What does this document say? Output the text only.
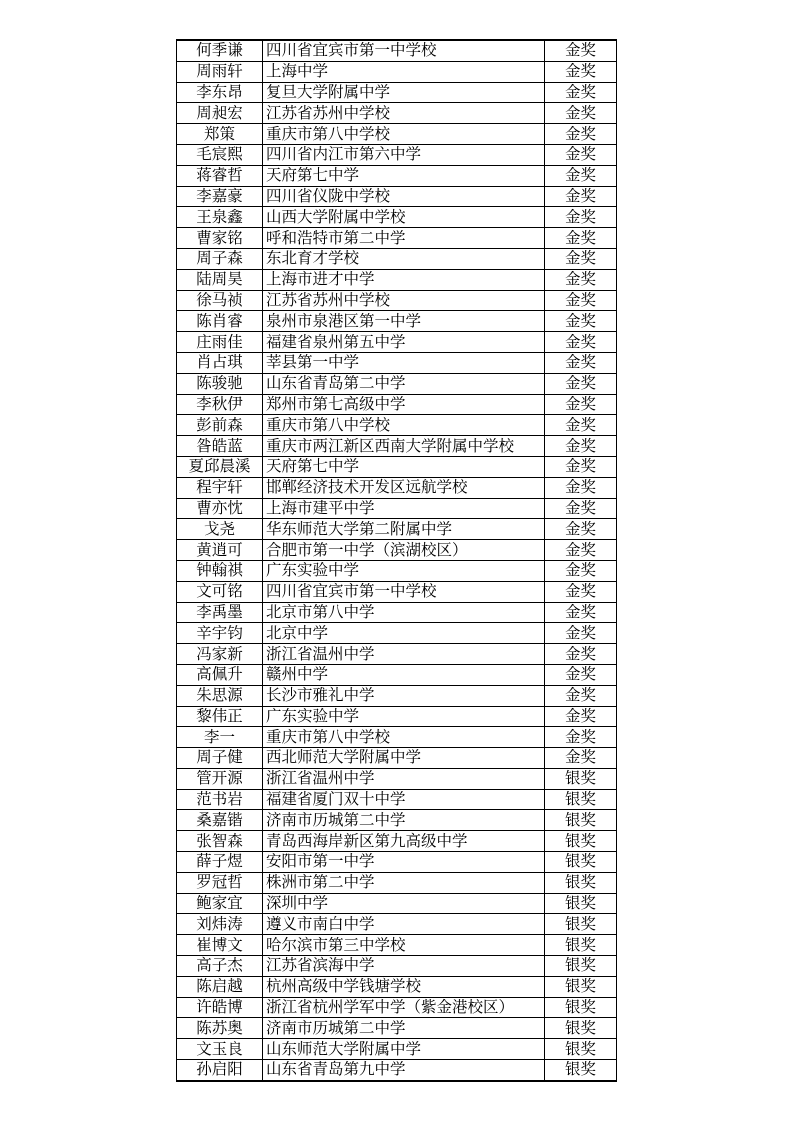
何季谦	四川省宜宾市第一中学校	金奖
周雨轩	上海中学	金奖
李东昂	复旦大学附属中学	金奖
周昶宏	江苏省苏州中学校	金奖
郑策	重庆市第八中学校	金奖
毛宸熙	四川省内江市第六中学	金奖
蒋睿哲	天府第七中学	金奖
李嘉豪	四川省仪陇中学校	金奖
王泉鑫	山西大学附属中学校	金奖
曹家铭	呼和浩特市第二中学	金奖
周子森	东北育才学校	金奖
陆周昊	上海市进才中学	金奖
徐马祯	江苏省苏州中学校	金奖
陈肖睿	泉州市泉港区第一中学	金奖
庄雨佳	福建省泉州第五中学	金奖
肖占琪	莘县第一中学	金奖
陈骏驰	山东省青岛第二中学	金奖
李秋伊	郑州市第七高级中学	金奖
彭前森	重庆市第八中学校	金奖
昝皓蓝	重庆市两江新区西南大学附属中学校	金奖
夏邱晨溪	天府第七中学	金奖
程宇轩	邯郸经济技术开发区远航学校	金奖
曹亦忱	上海市建平中学	金奖
戈尧	华东师范大学第二附属中学	金奖
黄逍可	合肥市第一中学（滨湖校区）	金奖
钟翰祺	广东实验中学	金奖
文可铭	四川省宜宾市第一中学校	金奖
李禹墨	北京市第八中学	金奖
辛宇钧	北京中学	金奖
冯家新	浙江省温州中学	金奖
高佩升	赣州中学	金奖
朱思源	长沙市雅礼中学	金奖
黎伟正	广东实验中学	金奖
李一	重庆市第八中学校	金奖
周子健	西北师范大学附属中学	金奖
管开源	浙江省温州中学	银奖
范书岩	福建省厦门双十中学	银奖
桑嘉锴	济南市历城第二中学	银奖
张智森	青岛西海岸新区第九高级中学	银奖
薛子煜	安阳市第一中学	银奖
罗冠哲	株洲市第二中学	银奖
鲍家宜	深圳中学	银奖
刘炜涛	遵义市南白中学	银奖
崔博文	哈尔滨市第三中学校	银奖
高子杰	江苏省滨海中学	银奖
陈启越	杭州高级中学钱塘学校	银奖
许皓博	浙江省杭州学军中学（紫金港校区）	银奖
陈苏奥	济南市历城第二中学	银奖
文玉良	山东师范大学附属中学	银奖
孙启阳	山东省青岛第九中学	银奖
